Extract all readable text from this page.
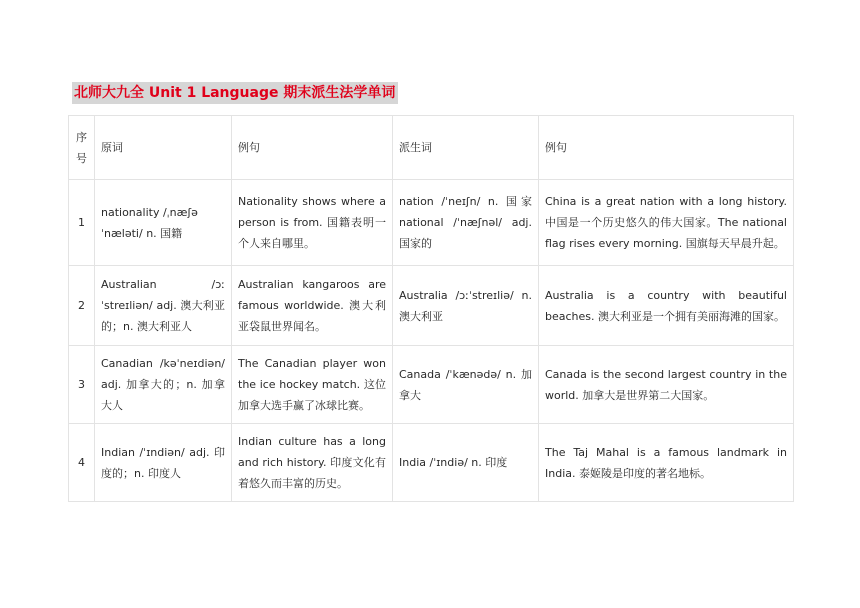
北师大九全 Unit 1 Language 期末派生法学单词
序号	原词	例句	派生词	例句
1	nationality /ˌnæʃəˈnæləti/ n. 国籍	Nationality shows where a person is from. 国籍表明一个人来自哪里。	nation /ˈneɪʃn/ n. 国家 national /ˈnæʃnəl/ adj. 国家的	China is a great nation with a long history. 中国是一个历史悠久的伟大国家。The national flag rises every morning. 国旗每天早晨升起。
2	Australian /ɔːˈstreɪliən/ adj. 澳大利亚的；n. 澳大利亚人	Australian kangaroos are famous worldwide. 澳大利亚袋鼠世界闻名。	Australia /ɔːˈstreɪliə/ n. 澳大利亚	Australia is a country with beautiful beaches. 澳大利亚是一个拥有美丽海滩的国家。
3	Canadian /kəˈneɪdiən/ adj. 加拿大的；n. 加拿大人	The Canadian player won the ice hockey match. 这位加拿大选手赢了冰球比赛。	Canada /ˈkænədə/ n. 加拿大	Canada is the second largest country in the world. 加拿大是世界第二大国家。
4	Indian /ˈɪndiən/ adj. 印度的；n. 印度人	Indian culture has a long and rich history. 印度文化有着悠久而丰富的历史。	India /ˈɪndiə/ n. 印度	The Taj Mahal is a famous landmark in India. 泰姬陵是印度的著名地标。
